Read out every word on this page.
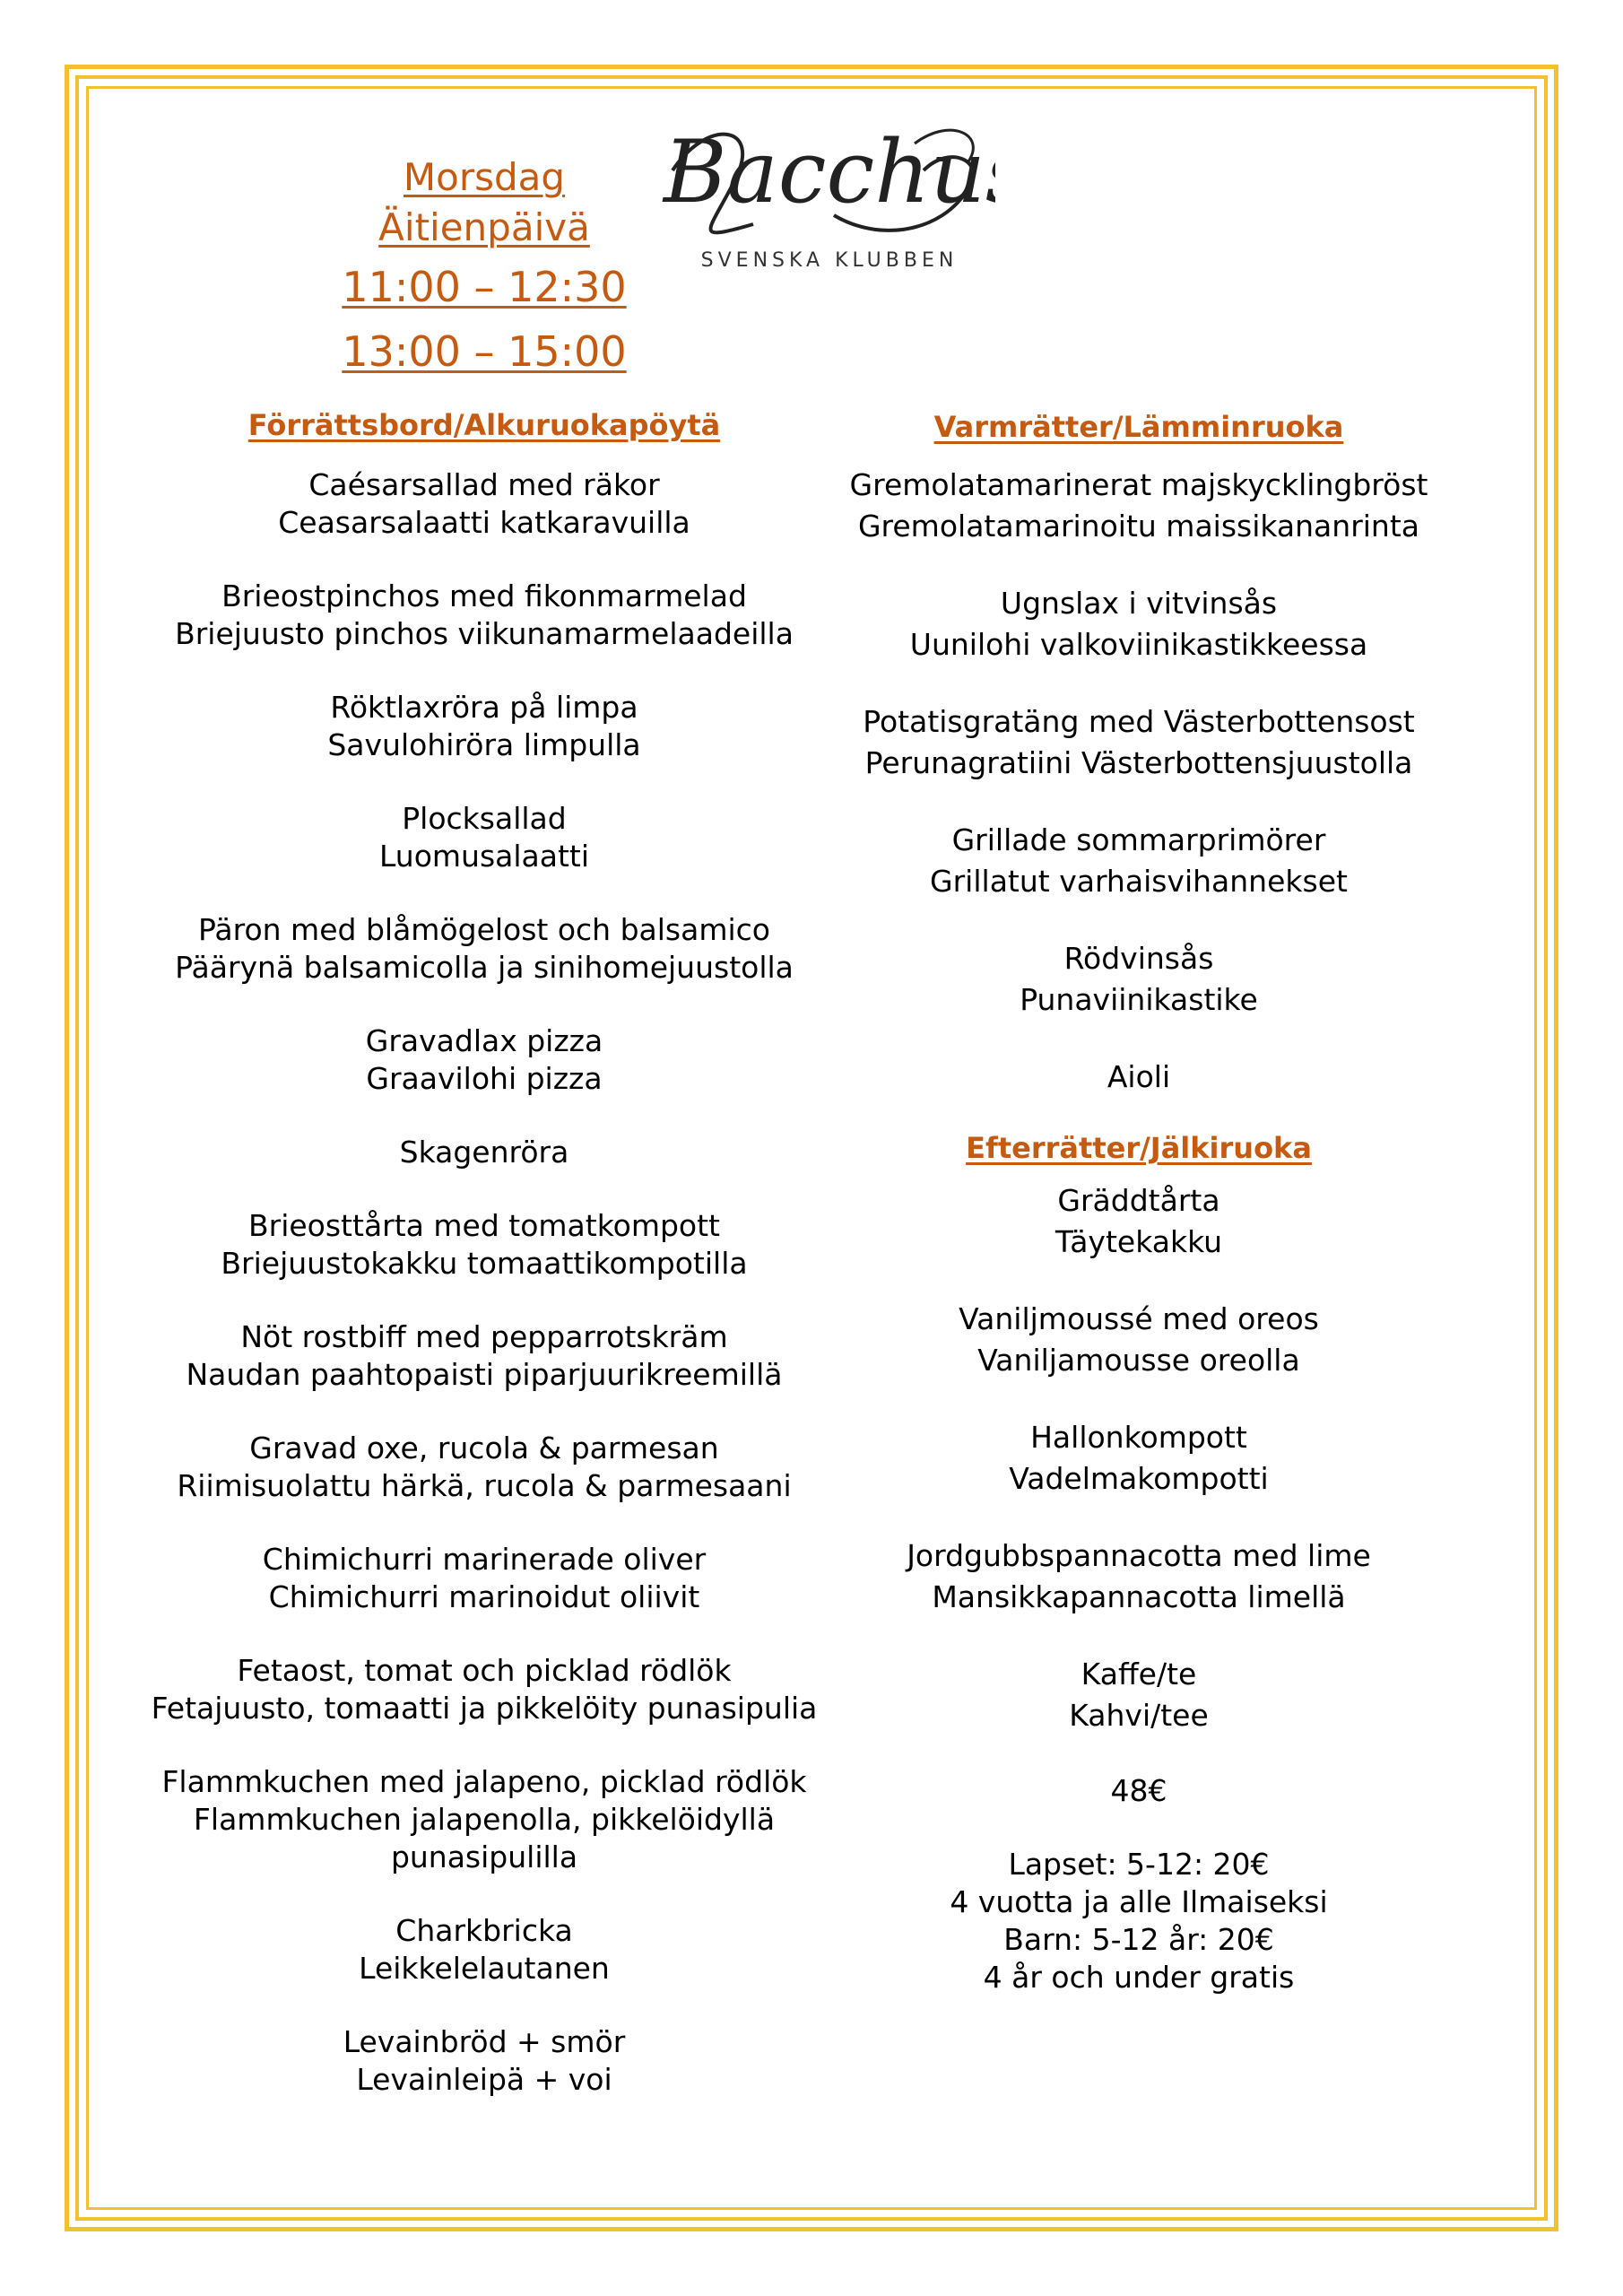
Morsdag
Äitienpäivä
11:00 – 12:30
13:00 – 15:00
Bacchus
SVENSKA KLUBBEN
Förrättsbord/Alkuruokapöytä
Caésarsallad med räkor
Ceasarsalaatti katkaravuilla
Brieostpinchos med fikonmarmelad
Briejuusto pinchos viikunamarmelaadeilla
Röktlaxröra på limpa
Savulohiröra limpulla
Plocksallad
Luomusalaatti
Päron med blåmögelost och balsamico
Päärynä balsamicolla ja sinihomejuustolla
Gravadlax pizza
Graavilohi pizza
Skagenröra
Brieosttårta med tomatkompott
Briejuustokakku tomaattikompotilla
Nöt rostbiff med pepparrotskräm
Naudan paahtopaisti piparjuurikreemillä
Gravad oxe, rucola & parmesan
Riimisuolattu härkä, rucola & parmesaani
Chimichurri marinerade oliver
Chimichurri marinoidut oliivit
Fetaost, tomat och picklad rödlök
Fetajuusto, tomaatti ja pikkelöity punasipulia
Flammkuchen med jalapeno, picklad rödlök
Flammkuchen jalapenolla, pikkelöidyllä
punasipulilla
Charkbricka
Leikkelelautanen
Levainbröd + smör
Levainleipä + voi
Varmrätter/Lämminruoka
Gremolatamarinerat majskycklingbröst
Gremolatamarinoitu maissikananrinta
Ugnslax i vitvinsås
Uunilohi valkoviinikastikkeessa
Potatisgratäng med Västerbottensost
Perunagratiini Västerbottensjuustolla
Grillade sommarprimörer
Grillatut varhaisvihannekset
Rödvinsås
Punaviinikastike
Aioli
Efterrätter/Jälkiruoka
Gräddtårta
Täytekakku
Vaniljmoussé med oreos
Vaniljamousse oreolla
Hallonkompott
Vadelmakompotti
Jordgubbspannacotta med lime
Mansikkapannacotta limellä
Kaffe/te
Kahvi/tee
48€
Lapset: 5-12: 20€
4 vuotta ja alle Ilmaiseksi
Barn: 5-12 år: 20€
4 år och under gratis
